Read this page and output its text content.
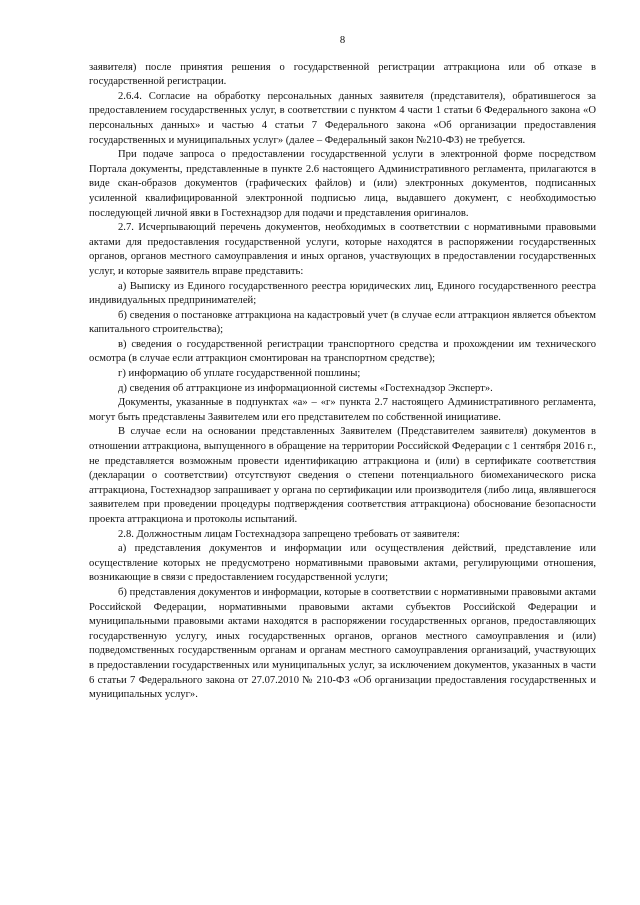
8

заявителя) после принятия решения о государственной регистрации аттракциона или об отказе в государственной регистрации.

2.6.4. Согласие на обработку персональных данных заявителя (представителя), обратившегося за предоставлением государственных услуг, в соответствии с пунктом 4 части 1 статьи 6 Федерального закона «О персональных данных» и частью 4 статьи 7 Федерального закона «Об организации предоставления государственных и муниципальных услуг» (далее – Федеральный закон №210-ФЗ) не требуется.

При подаче запроса о предоставлении государственной услуги в электронной форме посредством Портала документы, представленные в пункте 2.6 настоящего Административного регламента, прилагаются в виде скан-образов документов (графических файлов) и (или) электронных документов, подписанных усиленной квалифицированной электронной подписью лица, выдавшего документ, с необходимостью последующей личной явки в Гостехнадзор для подачи и представления оригиналов.

2.7. Исчерпывающий перечень документов, необходимых в соответствии с нормативными правовыми актами для предоставления государственной услуги, которые находятся в распоряжении государственных органов, органов местного самоуправления и иных органов, участвующих в предоставлении государственных услуг, и которые заявитель вправе представить:

а) Выписку из Единого государственного реестра юридических лиц, Единого государственного реестра индивидуальных предпринимателей;

б) сведения о постановке аттракциона на кадастровый учет (в случае если аттракцион является объектом капитального строительства);

в) сведения о государственной регистрации транспортного средства и прохождении им технического осмотра (в случае если аттракцион смонтирован на транспортном средстве);

г) информацию об уплате государственной пошлины;

д) сведения об аттракционе из информационной системы «Гостехнадзор Эксперт».

Документы, указанные в подпунктах «а» – «г» пункта 2.7 настоящего Административного регламента, могут быть представлены Заявителем или его представителем по собственной инициативе.

В случае если на основании представленных Заявителем (Представителем заявителя) документов в отношении аттракциона, выпущенного в обращение на территории Российской Федерации с 1 сентября 2016 г., не представляется возможным провести идентификацию аттракциона и (или) в сертификате соответствия (декларации о соответствии) отсутствуют сведения о степени потенциального биомеханического риска аттракциона, Гостехнадзор запрашивает у органа по сертификации или производителя (либо лица, являвшегося заявителем при проведении процедуры подтверждения соответствия аттракциона) обоснование безопасности проекта аттракциона и протоколы испытаний.

2.8. Должностным лицам Гостехнадзора запрещено требовать от заявителя:

а) представления документов и информации или осуществления действий, представление или осуществление которых не предусмотрено нормативными правовыми актами, регулирующими отношения, возникающие в связи с предоставлением государственной услуги;

б) представления документов и информации, которые в соответствии с нормативными правовыми актами Российской Федерации, нормативными правовыми актами субъектов Российской Федерации и муниципальными правовыми актами находятся в распоряжении государственных органов, предоставляющих государственную услугу, иных государственных органов, органов местного самоуправления и (или) подведомственных государственным органам и органам местного самоуправления организаций, участвующих в предоставлении государственных или муниципальных услуг, за исключением документов, указанных в части 6 статьи 7 Федерального закона от 27.07.2010 № 210-ФЗ «Об организации предоставления государственных и муниципальных услуг».
